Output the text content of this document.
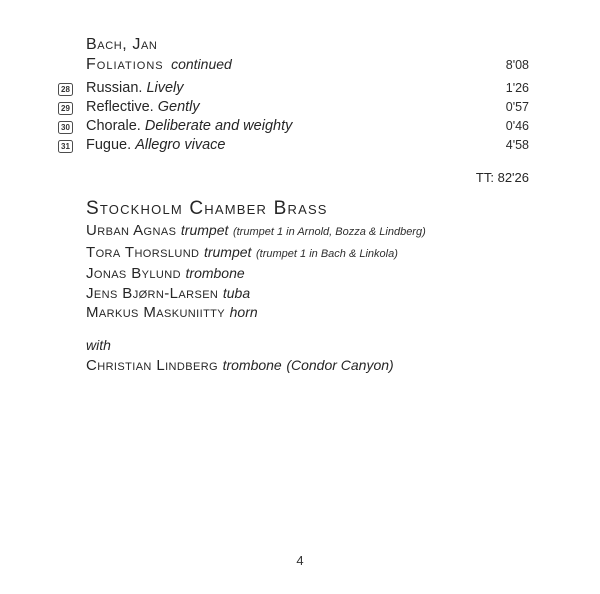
Bach, Jan
Foliations continued	8'08
28	Russian. Lively	1'26
29	Reflective. Gently	0'57
30	Chorale. Deliberate and weighty	0'46
31	Fugue. Allegro vivace	4'58
TT: 82'26
Stockholm Chamber Brass
Urban Agnas trumpet (trumpet 1 in Arnold, Bozza & Lindberg)
Tora Thorslund trumpet (trumpet 1 in Bach & Linkola)
Jonas Bylund trombone
Jens Bjørn-Larsen tuba
Markus Maskuniitty horn
with
Christian Lindberg trombone (Condor Canyon)
4
